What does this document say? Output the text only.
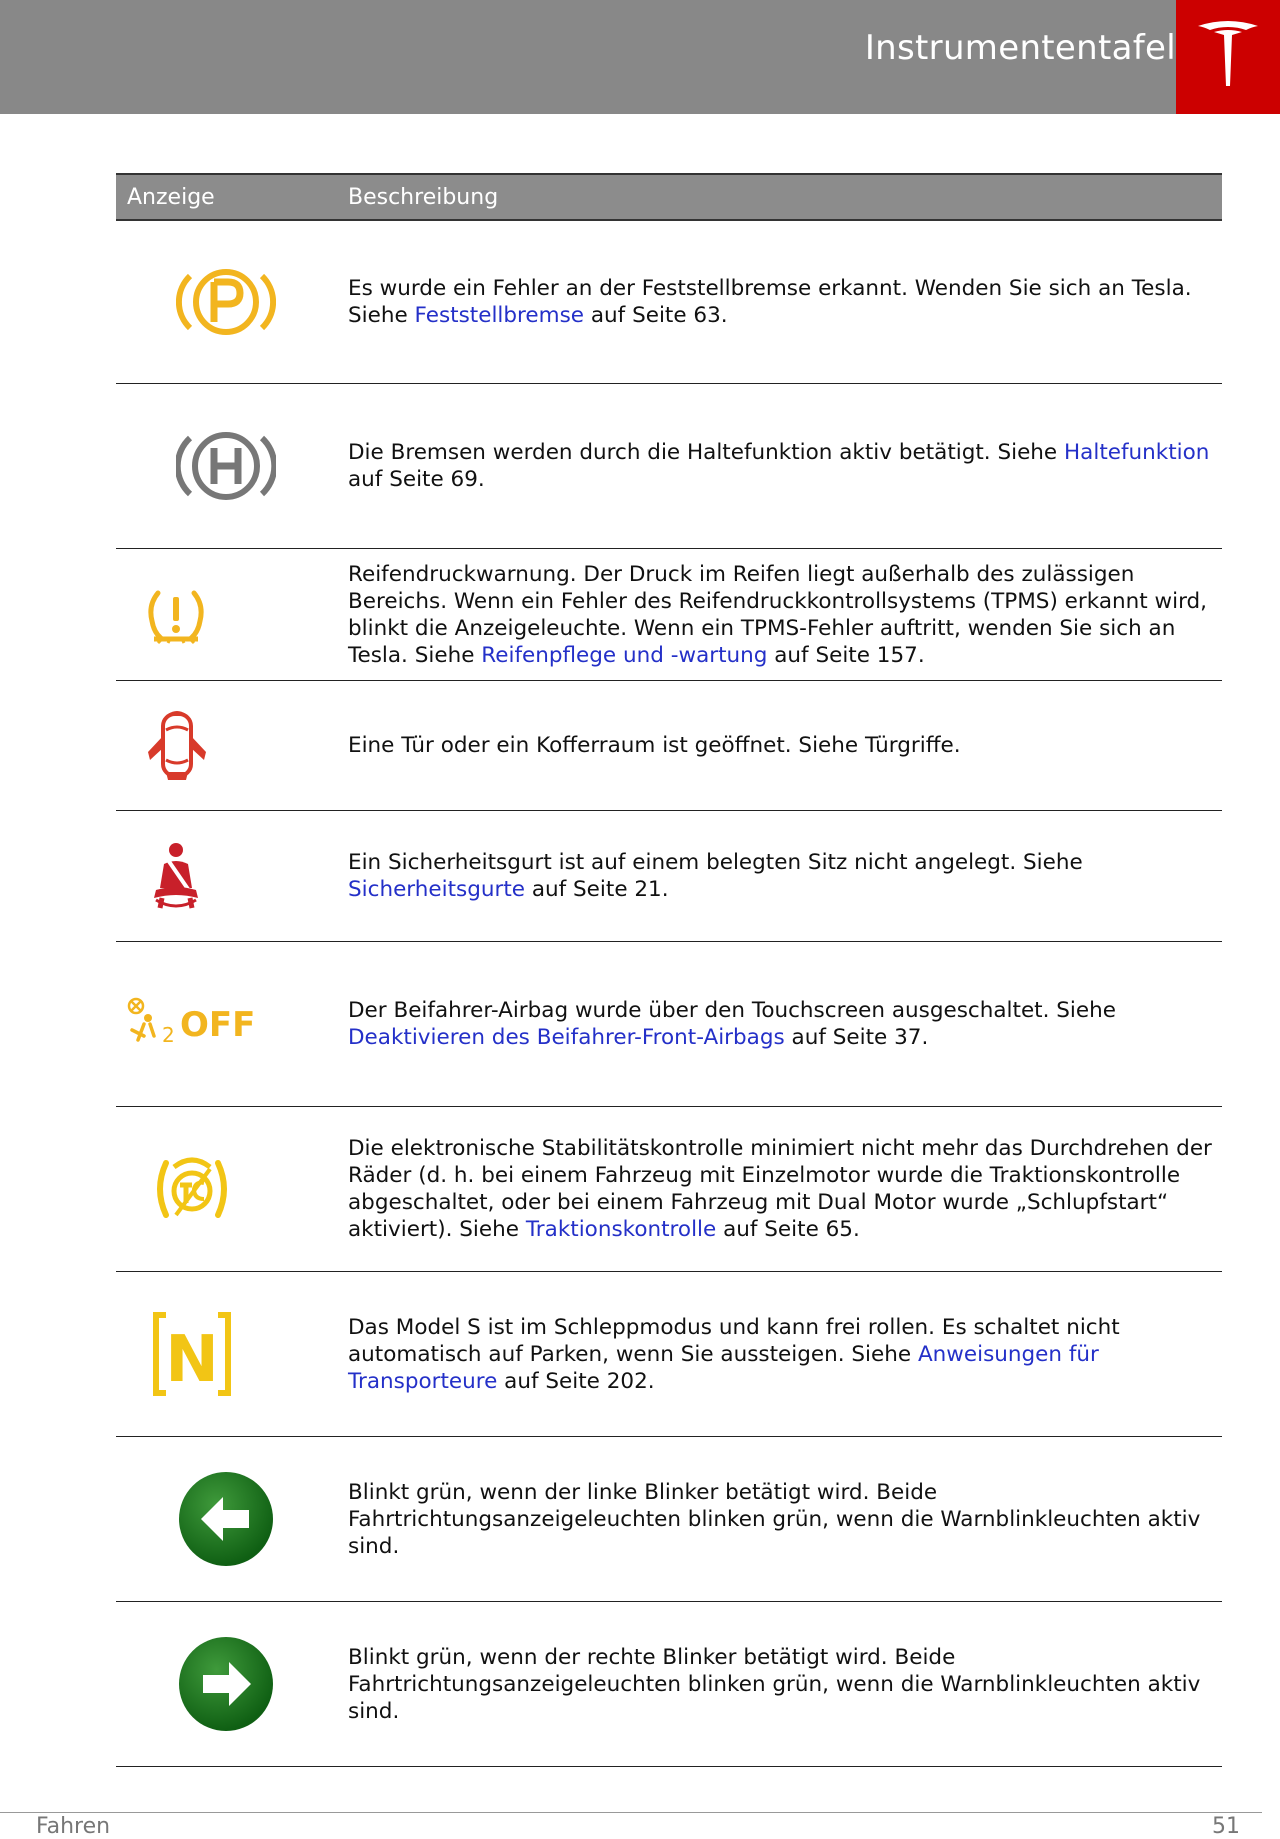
Instrumententafel
Anzeige	Beschreibung

Es wurde ein Fehler an der Feststellbremse erkannt. Wenden Sie sich an Tesla. Siehe Feststellbremse auf Seite 63.

Die Bremsen werden durch die Haltefunktion aktiv betätigt. Siehe Haltefunktion auf Seite 69.

Reifendruckwarnung. Der Druck im Reifen liegt außerhalb des zulässigen Bereichs. Wenn ein Fehler des Reifendruckkontrollsystems (TPMS) erkannt wird, blinkt die Anzeigeleuchte. Wenn ein TPMS-Fehler auftritt, wenden Sie sich an Tesla. Siehe Reifenpflege und -wartung auf Seite 157.

Eine Tür oder ein Kofferraum ist geöffnet. Siehe Türgriffe.

Ein Sicherheitsgurt ist auf einem belegten Sitz nicht angelegt. Siehe Sicherheitsgurte auf Seite 21.

2 OFF	Der Beifahrer-Airbag wurde über den Touchscreen ausgeschaltet. Siehe Deaktivieren des Beifahrer-Front-Airbags auf Seite 37.

Die elektronische Stabilitätskontrolle minimiert nicht mehr das Durchdrehen der Räder (d. h. bei einem Fahrzeug mit Einzelmotor wurde die Traktionskontrolle abgeschaltet, oder bei einem Fahrzeug mit Dual Motor wurde „Schlupfstart“ aktiviert). Siehe Traktionskontrolle auf Seite 65.

N	Das Model S ist im Schleppmodus und kann frei rollen. Es schaltet nicht automatisch auf Parken, wenn Sie aussteigen. Siehe Anweisungen für Transporteure auf Seite 202.

Blinkt grün, wenn der linke Blinker betätigt wird. Beide Fahrtrichtungsanzeigeleuchten blinken grün, wenn die Warnblinkleuchten aktiv sind.

Blinkt grün, wenn der rechte Blinker betätigt wird. Beide Fahrtrichtungsanzeigeleuchten blinken grün, wenn die Warnblinkleuchten aktiv sind.

Fahren	51
